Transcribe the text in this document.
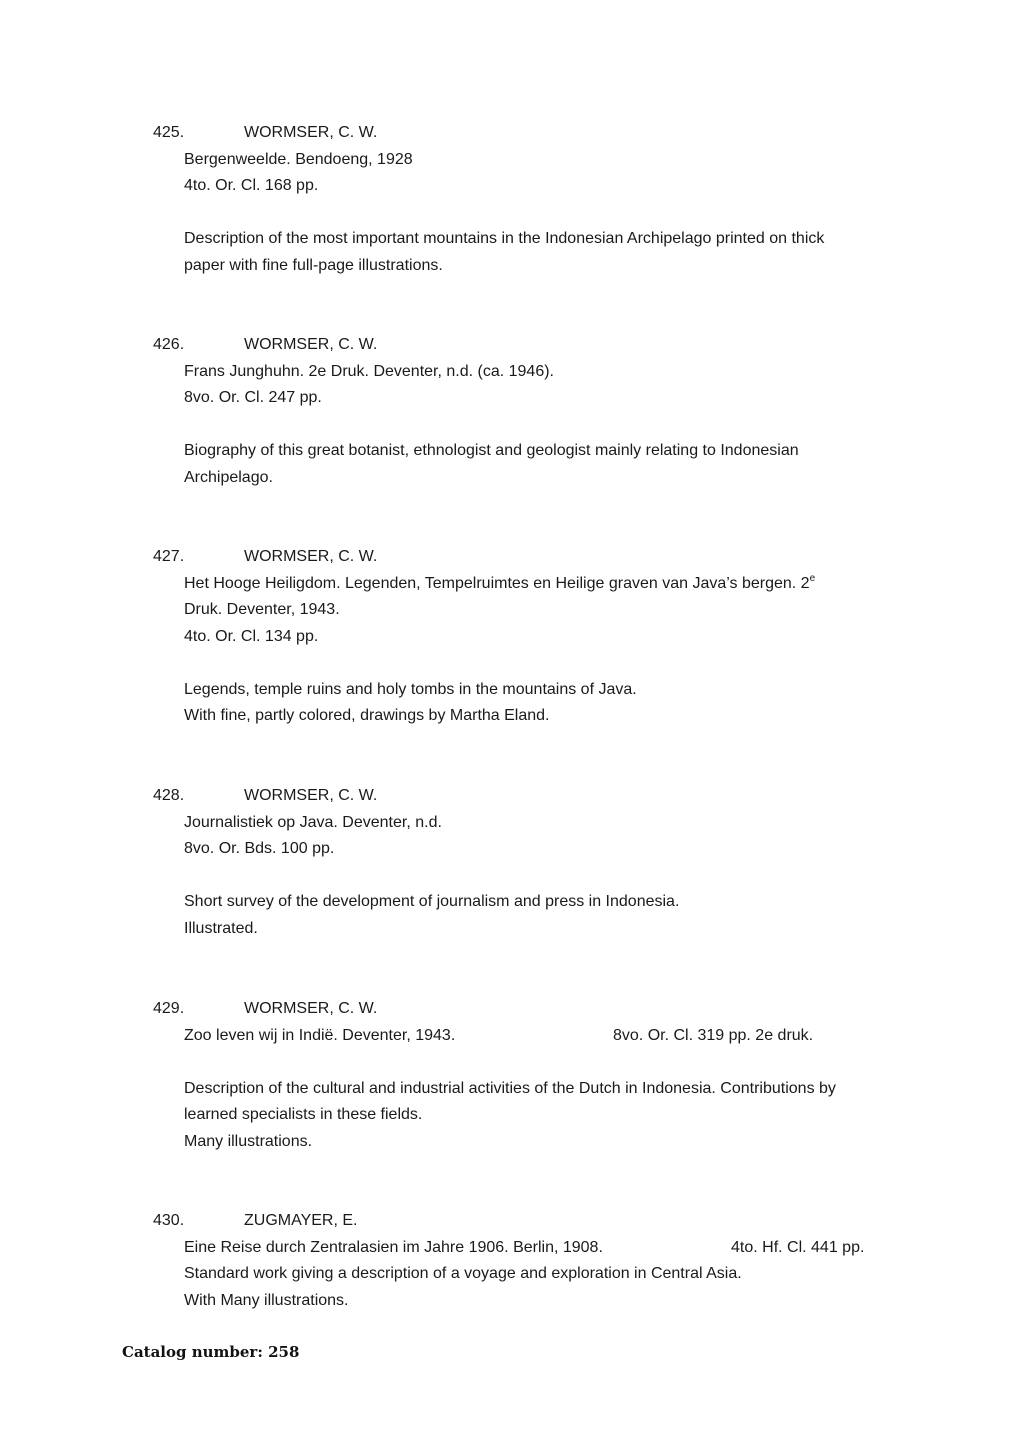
425.	WORMSER, C. W.
Bergenweelde. Bendoeng, 1928
4to. Or. Cl. 168 pp.
Description of the most important mountains in the Indonesian Archipelago printed on thick
paper with fine full-page illustrations.
426.	WORMSER, C. W.
Frans Junghuhn. 2e Druk. Deventer, n.d. (ca. 1946).
8vo. Or. Cl. 247 pp.
Biography of this great botanist, ethnologist and geologist mainly relating to Indonesian
Archipelago.
427.	WORMSER, C. W.
Het Hooge Heiligdom. Legenden, Tempelruimtes en Heilige graven van Java’s bergen. 2e
Druk. Deventer, 1943.
4to. Or. Cl. 134 pp.
Legends, temple ruins and holy tombs in the mountains of Java.
With fine, partly colored, drawings by Martha Eland.
428.	WORMSER, C. W.
Journalistiek op Java. Deventer, n.d.
8vo. Or. Bds. 100 pp.
Short survey of the development of journalism and press in Indonesia.
Illustrated.
429.	WORMSER, C. W.
Zoo leven wij in Indië. Deventer, 1943.	8vo. Or. Cl. 319 pp. 2e druk.
Description of the cultural and industrial activities of the Dutch in Indonesia. Contributions by
learned specialists in these fields.
Many illustrations.
430.	ZUGMAYER, E.
Eine Reise durch Zentralasien im Jahre 1906. Berlin, 1908.	4to. Hf. Cl. 441 pp.
Standard work giving a description of a voyage and exploration in Central Asia.
With Many illustrations.
Catalog number: 258
